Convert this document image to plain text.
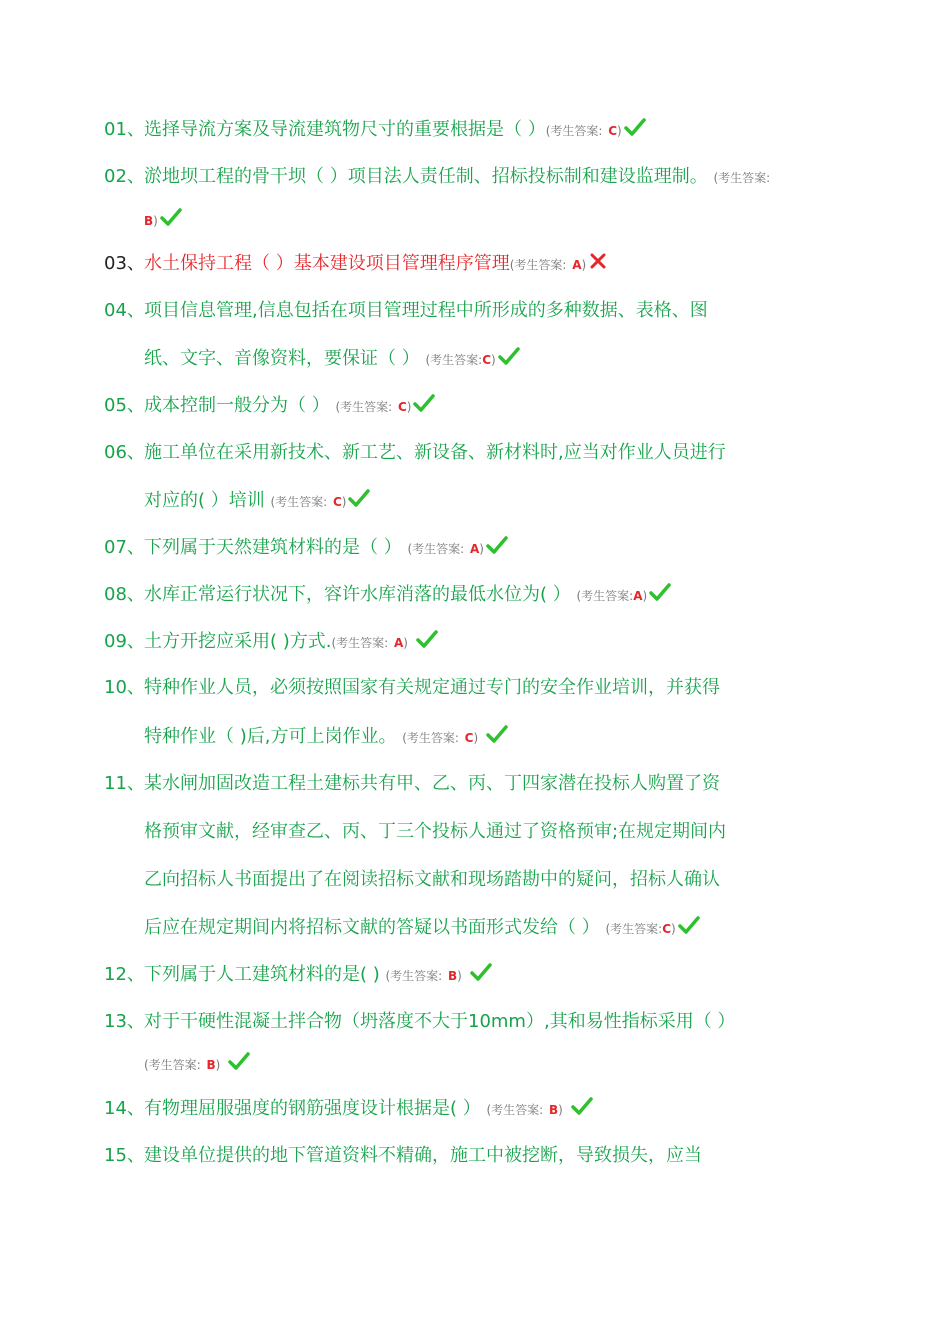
01、 选择导流方案及导流建筑物尺寸的重要根据是（ ）(考生答案: C)
02、 淤地坝工程的骨干坝（ ）项目法人责任制、招标投标制和建设监理制。 (考生答案:
B)
03、 水土保持工程（ ）基本建设项目管理程序管理(考生答案: A)
04、 项目信息管理,信息包括在项目管理过程中所形成的多种数据、表格、图
纸、文字、音像资料，要保证（ ） (考生答案:C)
05、 成本控制一般分为（ ） (考生答案: C)
06、 施工单位在采用新技术、新工艺、新设备、新材料时,应当对作业人员进行
对应的( ）培训 (考生答案: C)
07、 下列属于天然建筑材料的是（ ） (考生答案: A)
08、 水库正常运行状况下，容许水库消落的最低水位为( ） (考生答案:A)
09、 土方开挖应采用( )方式.(考生答案: A)
10、 特种作业人员，必须按照国家有关规定通过专门的安全作业培训，并获得
特种作业（ )后,方可上岗作业。 (考生答案: C)
11、 某水闸加固改造工程土建标共有甲、乙、丙、丁四家潜在投标人购置了资
格预审文献，经审查乙、丙、丁三个投标人通过了资格预审;在规定期间内
乙向招标人书面提出了在阅读招标文献和现场踏勘中的疑问，招标人确认
后应在规定期间内将招标文献的答疑以书面形式发给（ ） (考生答案:C)
12、 下列属于人工建筑材料的是( ) (考生答案: B)
13、 对于干硬性混凝土拌合物（坍落度不大于10mm）,其和易性指标采用（ ）
(考生答案: B)
14、 有物理屈服强度的钢筋强度设计根据是( ） (考生答案: B)
15、 建设单位提供的地下管道资料不精确，施工中被挖断，导致损失，应当
